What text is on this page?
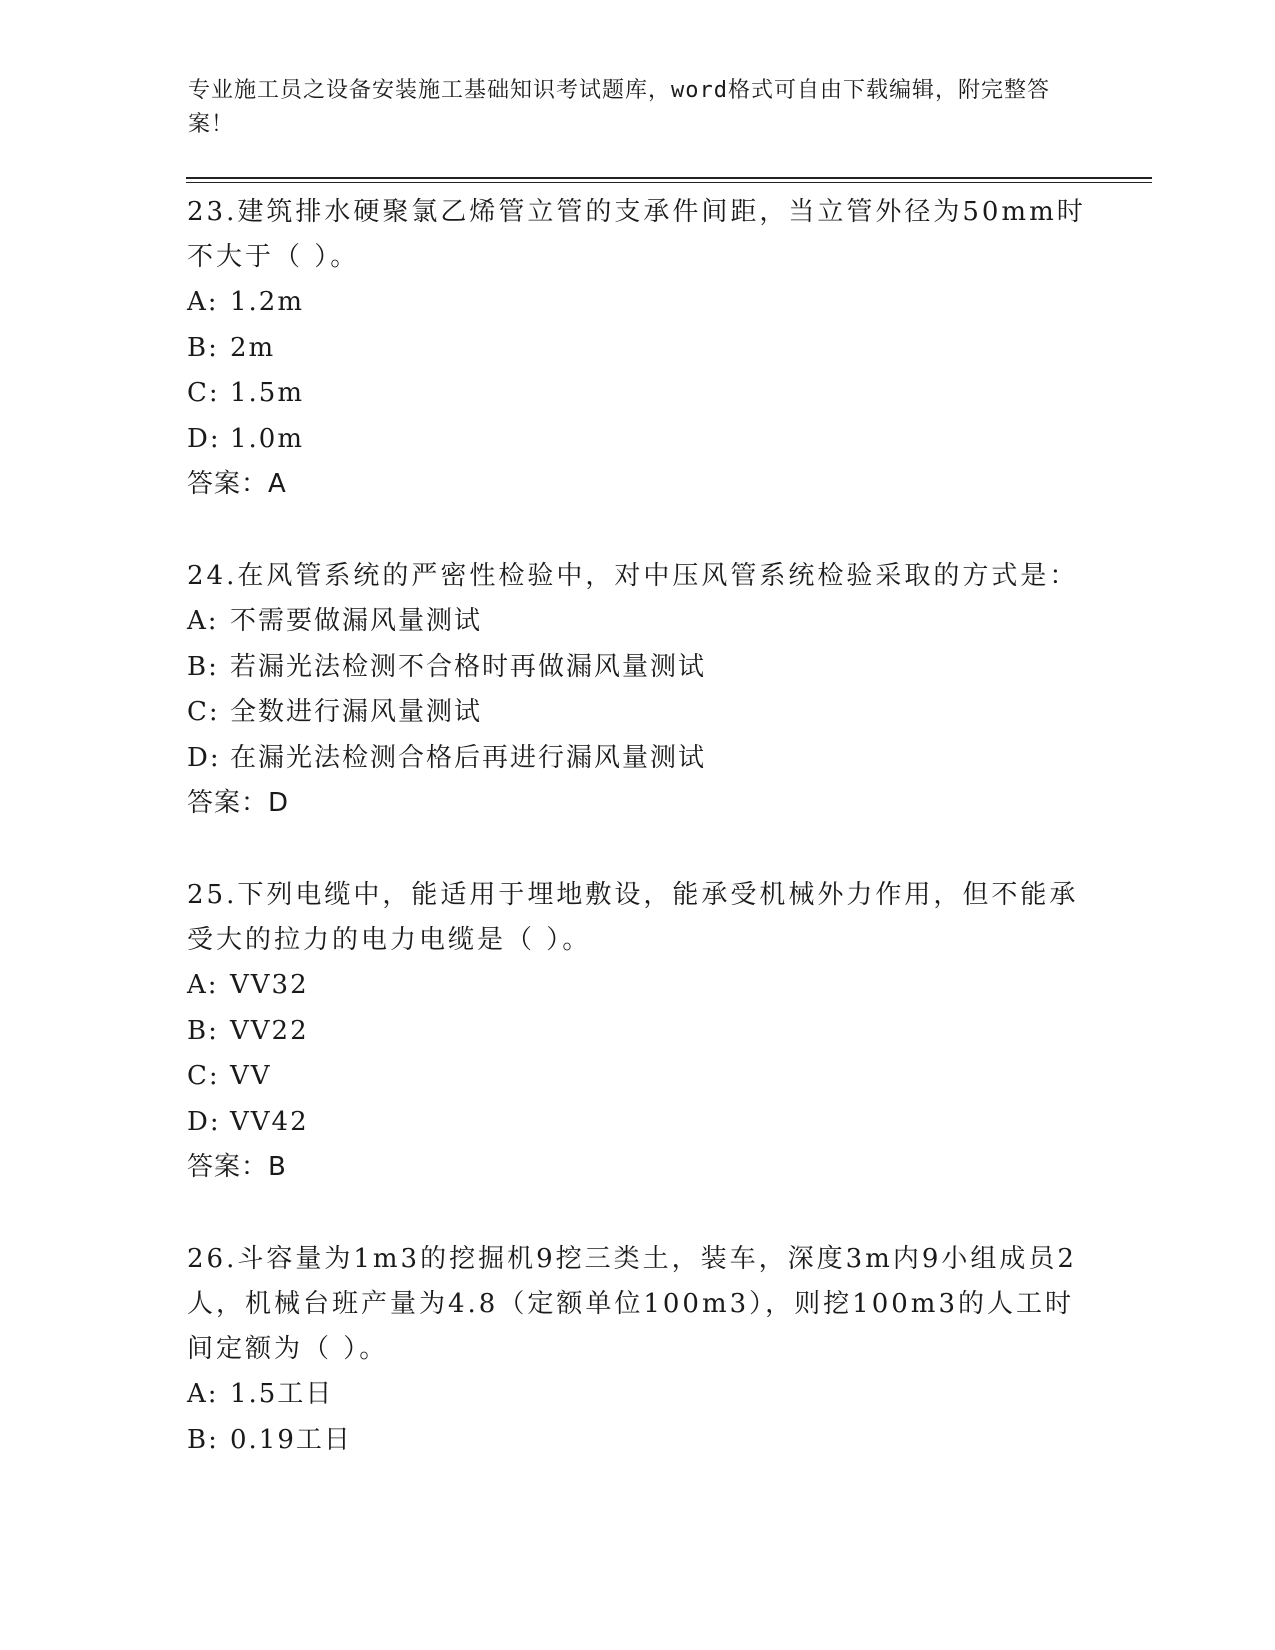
专业施工员之设备安装施工基础知识考试题库，word格式可自由下载编辑，附完整答案！
23.建筑排水硬聚氯乙烯管立管的支承件间距，当立管外径为50mm时不大于（ ）。
A: 1.2m
B: 2m
C: 1.5m
D: 1.0m
答案：A
24.在风管系统的严密性检验中，对中压风管系统检验采取的方式是：
A: 不需要做漏风量测试
B: 若漏光法检测不合格时再做漏风量测试
C: 全数进行漏风量测试
D: 在漏光法检测合格后再进行漏风量测试
答案：D
25.下列电缆中，能适用于埋地敷设，能承受机械外力作用，但不能承受大的拉力的电力电缆是（ ）。
A: VV32
B: VV22
C: VV
D: VV42
答案：B
26.斗容量为1m3的挖掘机9挖三类土，装车，深度3m内9小组成员2人，机械台班产量为4.8（定额单位100m3），则挖100m3的人工时间定额为（ ）。
A: 1.5工日
B: 0.19工日
